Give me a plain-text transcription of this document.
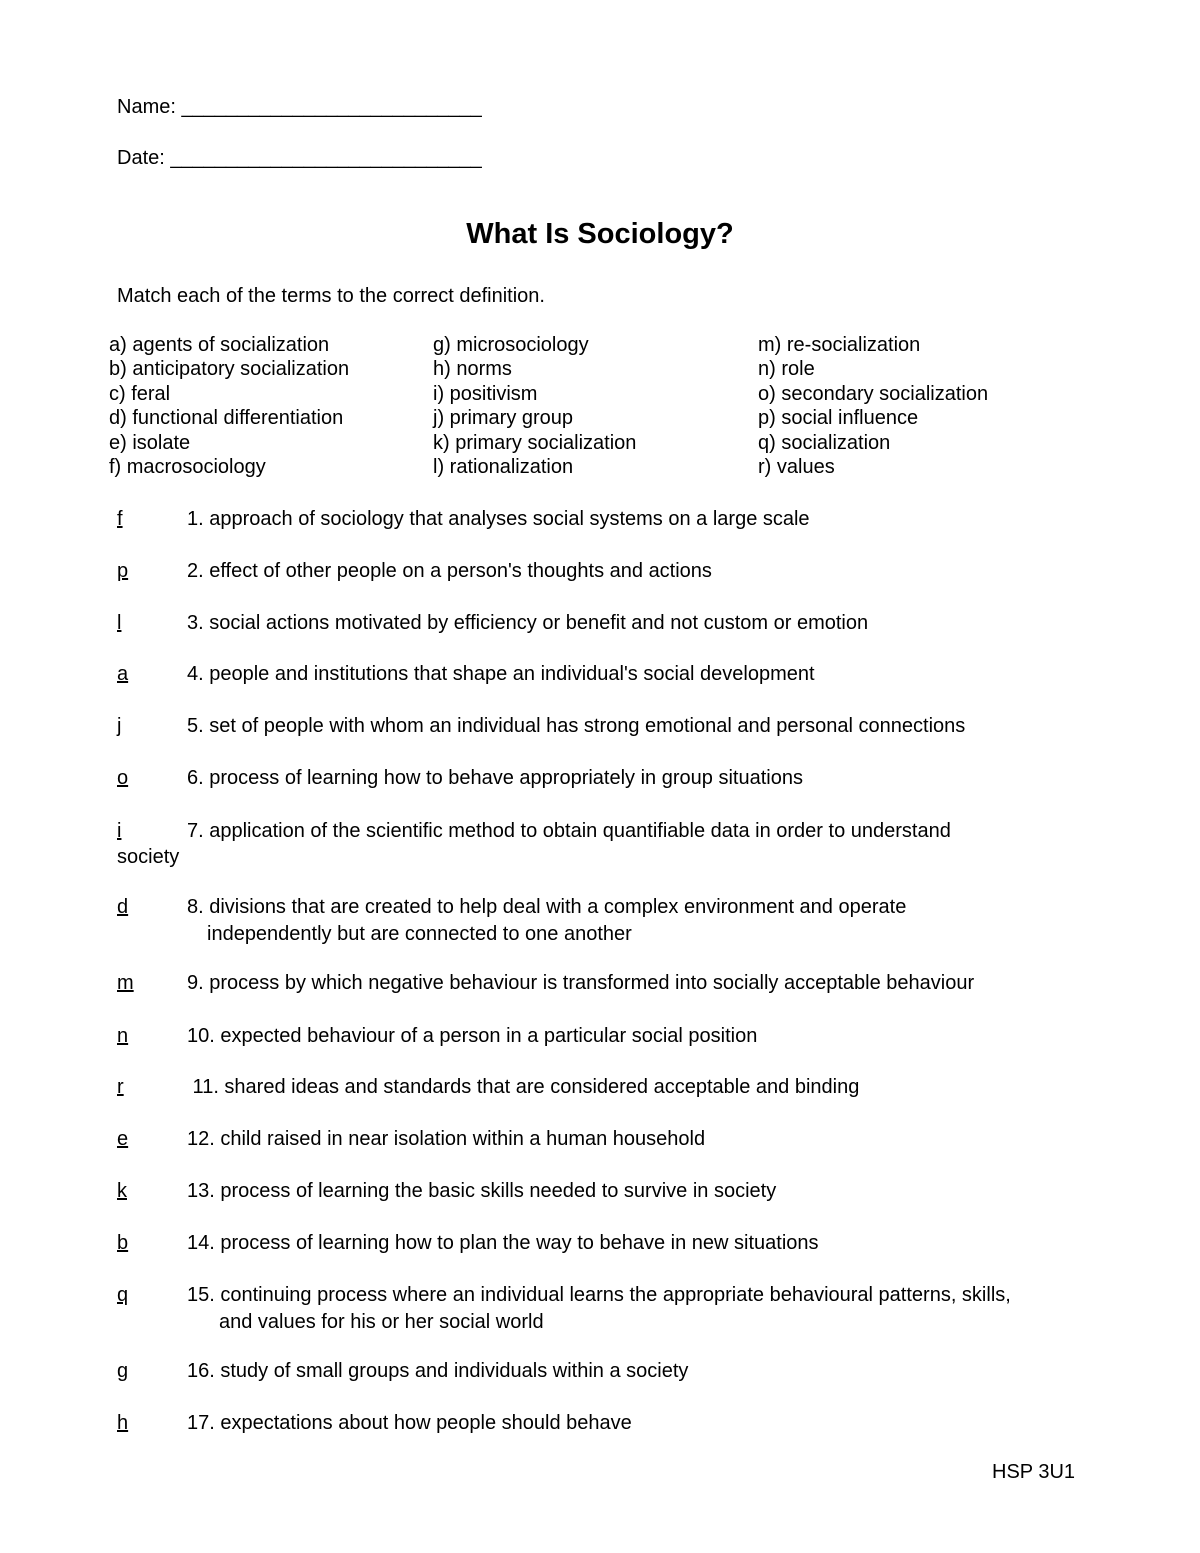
Name: ___________________________
Date: ____________________________
What Is Sociology?
Match each of the terms to the correct definition.
a) agents of socialization
b) anticipatory socialization
c) feral
d) functional differentiation
e) isolate
f) macrosociology
g) microsociology
h) norms
i) positivism
j) primary group
k) primary socialization
l) rationalization
m) re-socialization
n) role
o) secondary socialization
p) social influence
q) socialization
r) values
f	1. approach of sociology that analyses social systems on a large scale
p	2. effect of other people on a person's thoughts and actions
l	3. social actions motivated by efficiency or benefit and not custom or emotion
a	4. people and institutions that shape an individual's social development
j	5. set of people with whom an individual has strong emotional and personal connections
o	6. process of learning how to behave appropriately in group situations
i	7. application of the scientific method to obtain quantifiable data in order to understand
society
d	8. divisions that are created to help deal with a complex environment and operate
independently but are connected to one another
m	9. process by which negative behaviour is transformed into socially acceptable behaviour
n	10. expected behaviour of a person in a particular social position
r	11. shared ideas and standards that are considered acceptable and binding
e	12. child raised in near isolation within a human household
k	13. process of learning the basic skills needed to survive in society
b	14. process of learning how to plan the way to behave in new situations
q	15. continuing process where an individual learns the appropriate behavioural patterns, skills,
and values for his or her social world
g	16. study of small groups and individuals within a society
h	17. expectations about how people should behave
HSP 3U1
